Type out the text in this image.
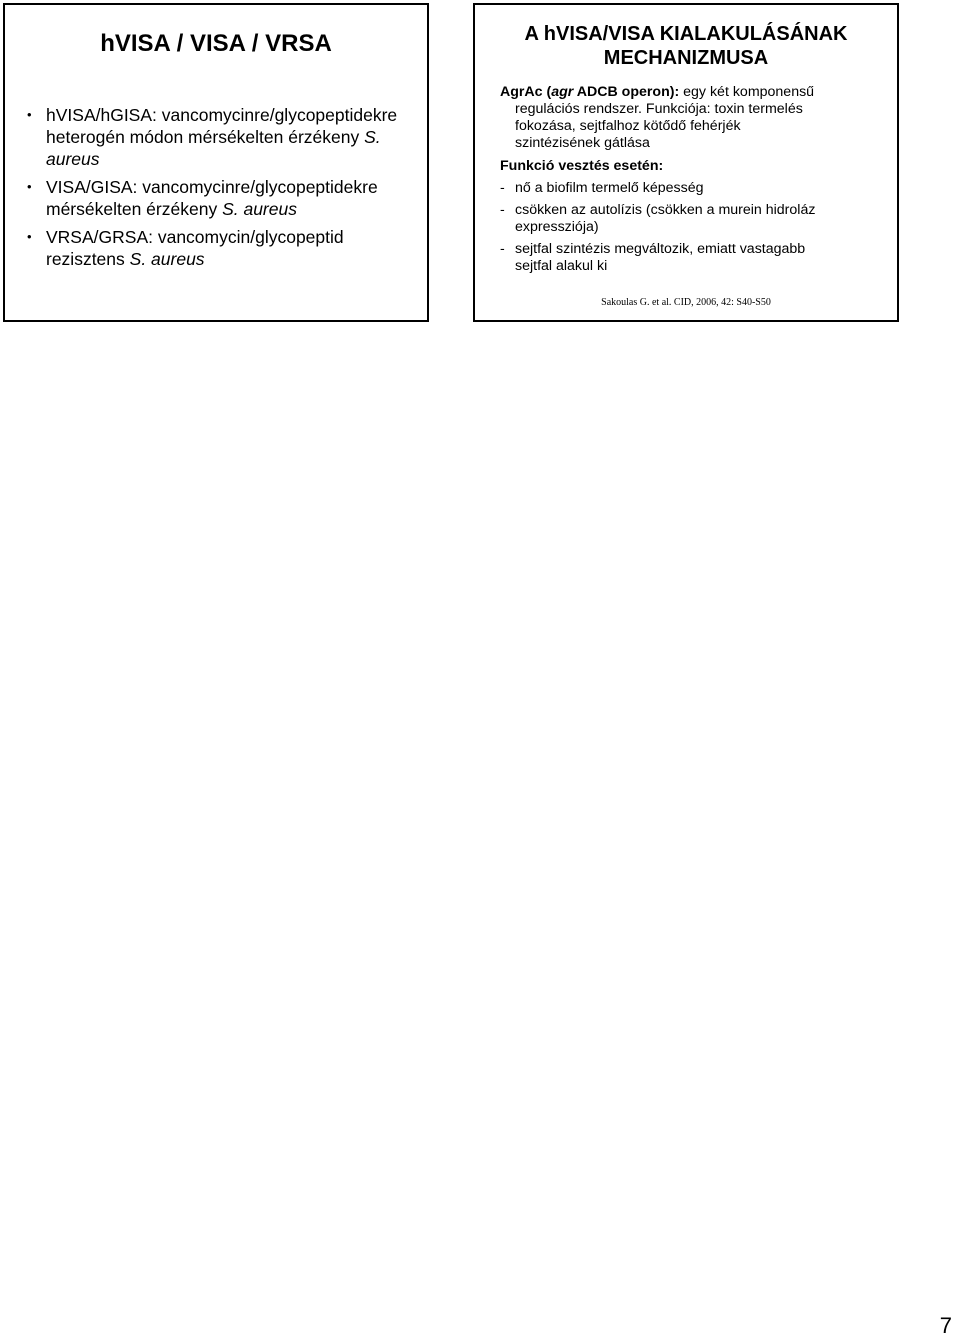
hVISA / VISA / VRSA
• hVISA/hGISA: vancomycinre/glycopeptidekre heterogén módon mérsékelten érzékeny S. aureus
• VISA/GISA: vancomycinre/glycopeptidekre mérsékelten érzékeny S. aureus
• VRSA/GRSA: vancomycin/glycopeptid rezisztens S. aureus
A hVISA/VISA KIALAKULÁSÁNAK
MECHANIZMUSA

AgrAc (agr ADCB operon): egy két komponensű

regulációs rendszer. Funkciója: toxin termelés

fokozása, sejtfalhoz kötődő fehérjék

szintézisének gátlása

Funkció vesztés esetén:

- nő a biofilm termelő képesség

- csökken az autolízis (csökken a murein hidroláz
expressziója)

- sejtfal szintézis megváltozik, emiatt vastagabb
sejtfal alakul ki

Sakoulas G. et al. CID, 2006, 42: S40-S50
7
